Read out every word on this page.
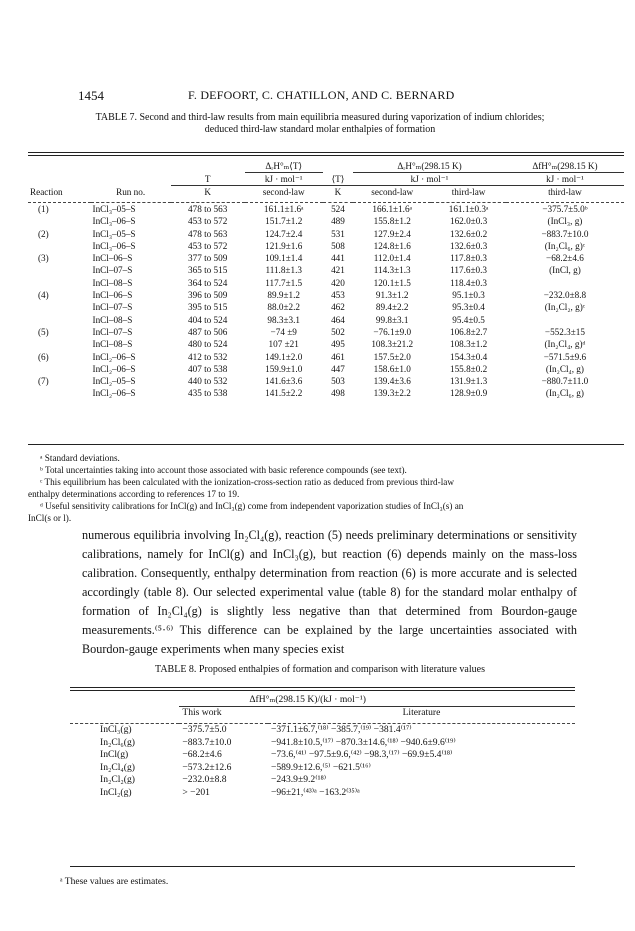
1454	F. DEFOORT, C. CHATILLON, AND C. BERNARD
TABLE 7. Second and third-law results from main equilibria measured during vaporization of indium chlorides;
deduced third-law standard molar enthalpies of formation
			ΔᵣH°ₘ⟨T⟩		ΔᵣH°ₘ(298.15 K)		ΔfH°ₘ(298.15 K)
		T	kJ · mol⁻¹	⟨T⟩	kJ · mol⁻¹		kJ · mol⁻¹
Reaction	Run no.	K	second-law	K	second-law	third-law	third-law

(1)	InCl₃–05–S	478 to 563	161.1±1.6ᵃ	524	166.1±1.6ᵃ	161.1±0.3ᵃ	−375.7±5.0ᵇ
	InCl₃–06–S	453 to 572	151.7±1.2	489	155.8±1.2	162.0±0.3	(InCl₃, g)
(2)	InCl₃–05–S	478 to 563	124.7±2.4	531	127.9±2.4	132.6±0.2	−883.7±10.0
	InCl₃–06–S	453 to 572	121.9±1.6	508	124.8±1.6	132.6±0.3	(In₂Cl₆, g)ᶜ
(3)	InCl–06–S	377 to 509	109.1±1.4	441	112.0±1.4	117.8±0.3	−68.2±4.6
	InCl–07–S	365 to 515	111.8±1.3	421	114.3±1.3	117.6±0.3	(InCl, g)
	InCl–08–S	364 to 524	117.7±1.5	420	120.1±1.5	118.4±0.3	
(4)	InCl–06–S	396 to 509	89.9±1.2	453	91.3±1.2	95.1±0.3	−232.0±8.8
	InCl–07–S	395 to 515	88.0±2.2	462	89.4±2.2	95.3±0.4	(In₂Cl₂, g)ᶜ
	InCl–08–S	404 to 524	98.3±3.1	464	99.8±3.1	95.4±0.5	
(5)	InCl–07–S	487 to 506	−74 ±9	502	−76.1±9.0	106.8±2.7	−552.3±15
	InCl–08–S	480 to 524	107 ±21	495	108.3±21.2	108.3±1.2	(In₂Cl₄, g)ᵈ
(6)	InCl₂–06–S	412 to 532	149.1±2.0	461	157.5±2.0	154.3±0.4	−571.5±9.6
	InCl₂–06–S	407 to 538	159.9±1.0	447	158.6±1.0	155.8±0.2	(In₂Cl₄, g)
(7)	InCl₂–05–S	440 to 532	141.6±3.6	503	139.4±3.6	131.9±1.3	−880.7±11.0
	InCl₂–06–S	435 to 538	141.5±2.2	498	139.3±2.2	128.9±0.9	(In₂Cl₆, g)

ᵃ Standard deviations.

ᵇ Total uncertainties taking into account those associated with basic reference compounds (see text).

ᶜ This equilibrium has been calculated with the ionization-cross-section ratio as deduced from previous third-law

enthalpy determinations according to references 17 to 19.

ᵈ Useful sensitivity calibrations for InCl(g) and InCl₃(g) come from independent vaporization studies of InCl₃(s) an

InCl(s or l).

numerous equilibria involving In₂Cl₄(g), reaction (5) needs preliminary determinations or sensitivity calibrations, namely for InCl(g) and InCl₃(g), but reaction (6) depends mainly on the mass-loss calibration. Consequently, enthalpy determination from reaction (6) is more accurate and is selected accordingly (table 8). Our selected experimental value (table 8) for the standard molar enthalpy of formation of In₂Cl₄(g) is slightly less negative than that determined from Bourdon-gauge measurements.⁽⁵·⁶⁾ This difference can be explained by the large uncertainties associated with Bourdon-gauge experiments when many species exist

TABLE 8. Proposed enthalpies of formation and comparison with literature values
	ΔfH°ₘ(298.15 K)/(kJ · mol⁻¹)	
	This work	Literature

InCl₃(g)	−375.7±5.0	−371.1±6.7,⁽¹⁸⁾ −385.7,⁽¹⁹⁾ −381.4⁽¹⁷⁾
In₂Cl₆(g)	−883.7±10.0	−941.8±10.5,⁽¹⁷⁾ −870.3±14.6,⁽¹⁸⁾ −940.6±9.6⁽¹⁹⁾
InCl(g)	−68.2±4.6	−73.6,⁽⁴¹⁾ −97.5±9.6,⁽⁴²⁾ −98.3,⁽¹⁷⁾ −69.9±5.4⁽¹⁸⁾
In₂Cl₄(g)	−573.2±12.6	−589.9±12.6,⁽⁵⁾ −621.5⁽¹⁶⁾
In₂Cl₂(g)	−232.0±8.8	−243.9±9.2⁽¹⁸⁾
InCl₂(g)	> −201	−96±21,⁽⁴³⁾ᵃ −163.2⁽³⁵⁾ᵃ
ᵃ These values are estimates.
